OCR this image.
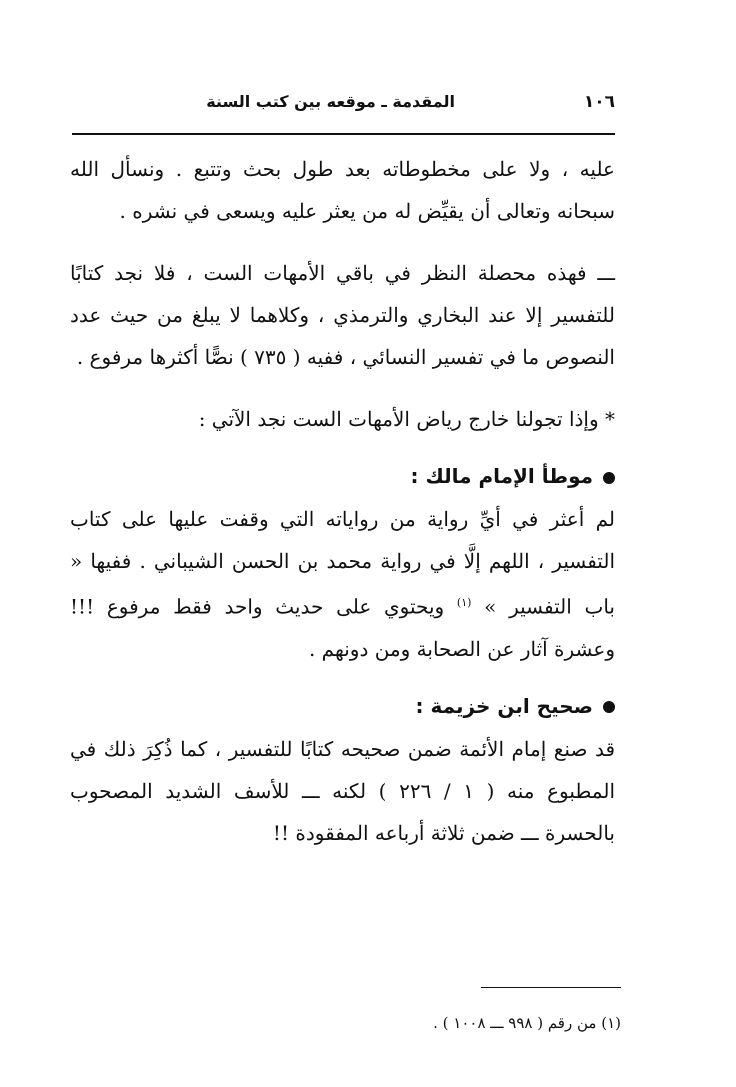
١٠٦
المقدمة ـ موقعه بين كتب السنة

عليه ، ولا على مخطوطاته بعد طول بحث وتتبع . ونسأل الله سبحانه وتعالى أن يقيِّض له من يعثر عليه ويسعى في نشره .

ـــ فهذه محصلة النظر في باقي الأمهات الست ، فلا نجد كتابًا للتفسير إلا عند البخاري والترمذي ، وكلاهما لا يبلغ من حيث عدد النصوص ما في تفسير النسائي ، ففيه ( ٧٣٥ ) نصًّا أكثرها مرفوع .

* وإذا تجولنا خارج رياض الأمهات الست نجد الآتي :

موطأ الإمام مالك :

لم أعثر في أيِّ رواية من رواياته التي وقفت عليها على كتاب التفسير ، اللهم إلَّا في رواية محمد بن الحسن الشيباني . ففيها « باب التفسير » $^{(١)}$ ويحتوي على حديث واحد فقط مرفوع !!! وعشرة آثار عن الصحابة ومن دونهم .

صحيح ابن خزيمة :

قد صنع إمام الأئمة ضمن صحيحه كتابًا للتفسير ، كما ذُكِرَ ذلك في المطبوع منه ( ١ / ٢٢٦ ) لكنه ـــ للأسف الشديد المصحوب بالحسرة ـــ ضمن ثلاثة أرباعه المفقودة !!

(١) من رقم ( ٩٩٨ ـــ ١٠٠٨ ) .
